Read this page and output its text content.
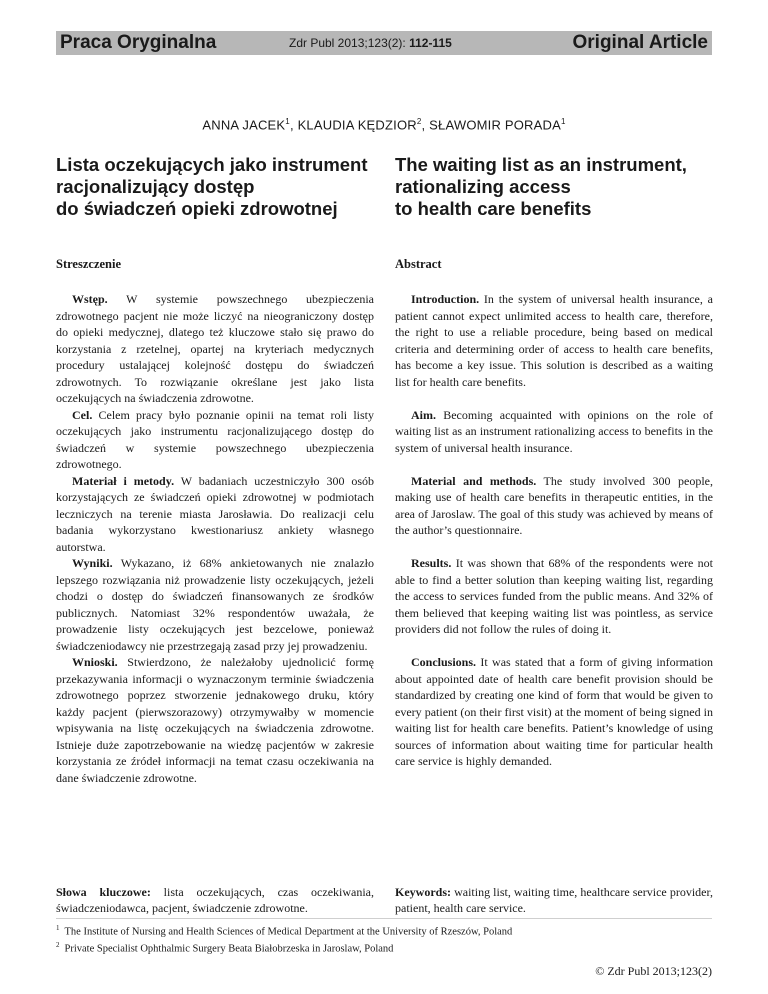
Praca Oryginalna	Zdr Publ 2013;123(2): 112-115	Original Article
ANNA JACEK$^1$, KLAUDIA KĘDZIOR$^2$, SŁAWOMIR PORADA$^1$
Lista oczekujących jako instrument
racjonalizujący dostęp
do świadczeń opieki zdrowotnej
The waiting list as an instrument,
rationalizing access
to health care benefits
Streszczenie	Abstract

Wstęp. W systemie powszechnego ubezpieczenia zdrowotnego pacjent nie może liczyć na nieograniczony dostęp do opieki medycznej, dlatego też kluczowe stało się prawo do korzystania z rzetelnej, opartej na kryteriach medycznych procedury ustalającej kolejność dostępu do świadczeń zdrowotnych. To rozwiązanie określane jest jako lista oczekujących na świadczenia zdrowotne.

Cel. Celem pracy było poznanie opinii na temat roli listy oczekujących jako instrumentu racjonalizującego dostęp do świadczeń w systemie powszechnego ubezpieczenia zdrowotnego.

Materiał i metody. W badaniach uczestniczyło 300 osób korzystających ze świadczeń opieki zdrowotnej w podmiotach leczniczych na terenie miasta Jarosławia. Do realizacji celu badania wykorzystano kwestionariusz ankiety własnego autorstwa.

Wyniki. Wykazano, iż 68% ankietowanych nie znalazło lepszego rozwiązania niż prowadzenie listy oczekujących, jeżeli chodzi o dostęp do świadczeń finansowanych ze środków publicznych. Natomiast 32% respondentów uważała, że prowadzenie listy oczekujących jest bezcelowe, ponieważ świadczeniodawcy nie przestrzegają zasad przy jej prowadzeniu.

Wnioski. Stwierdzono, że należałoby ujednolicić formę przekazywania informacji o wyznaczonym terminie świadczenia zdrowotnego poprzez stworzenie jednakowego druku, który każdy pacjent (pierwszorazowy) otrzymywałby w momencie wpisywania na listę oczekujących na świadczenia zdrowotne. Istnieje duże zapotrzebowanie na wiedzę pacjentów w zakresie korzystania ze źródeł informacji na temat czasu oczekiwania na dane świadczenie zdrowotne.

Introduction. In the system of universal health insurance, a patient cannot expect unlimited access to health care, therefore, the right to use a reliable procedure, being based on medical criteria and determining order of access to health care benefits, has become a key issue. This solution is described as a waiting list for health care benefits.

Aim. Becoming acquainted with opinions on the role of waiting list as an instrument rationalizing access to benefits in the system of universal health insurance.

Material and methods. The study involved 300 people, making use of health care benefits in therapeutic entities, in the area of Jaroslaw. The goal of this study was achieved by means of the author’s questionnaire.

Results. It was shown that 68% of the respondents were not able to find a better solution than keeping waiting list, regarding the access to services funded from the public means. And 32% of them believed that keeping waiting list was pointless, as service providers did not follow the rules of doing it.

Conclusions. It was stated that a form of giving information about appointed date of health care benefit provision should be standardized by creating one kind of form that would be given to every patient (on their first visit) at the moment of being signed in waiting list for health care benefits. Patient’s knowledge of using sources of information about waiting time for particular health care service is highly demanded.

Słowa kluczowe: lista oczekujących, czas oczekiwania, świadczeniodawca, pacjent, świadczenie zdrowotne.
Keywords: waiting list, waiting time, healthcare service provider, patient, health care service.
$^1$ The Institute of Nursing and Health Sciences of Medical Department at the University of Rzeszów, Poland
$^2$ Private Specialist Ophthalmic Surgery Beata Białobrzeska in Jaroslaw, Poland
© Zdr Publ 2013;123(2)
